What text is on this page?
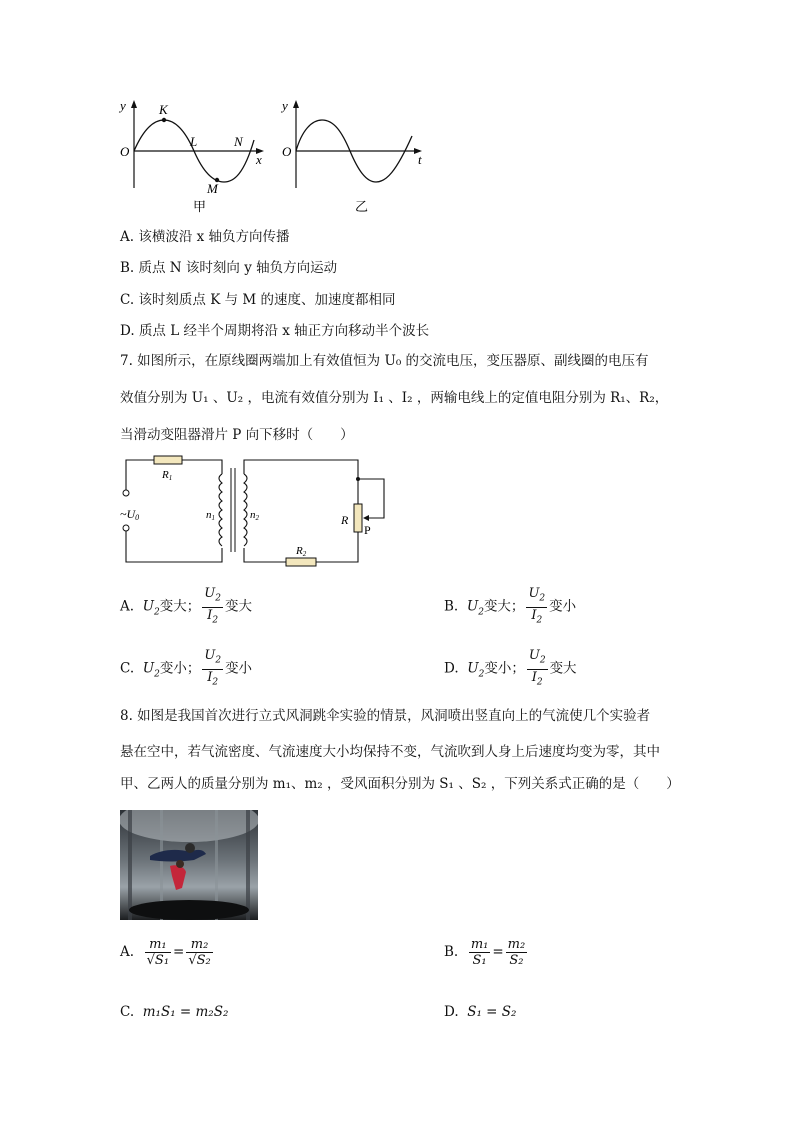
y
x
O
K
L
M
N
甲
y
t
O
乙
A. 该横波沿 x 轴负方向传播
B. 质点 N 该时刻向 y 轴负方向运动
C. 该时刻质点 K 与 M 的速度、加速度都相同
D. 质点 L 经半个周期将沿 x 轴正方向移动半个波长
7. 如图所示，在原线圈两端加上有效值恒为 U₀ 的交流电压，变压器原、副线圈的电压有
效值分别为 U₁ 、U₂ ，电流有效值分别为 I₁ 、I₂ ，两输电线上的定值电阻分别为 R₁、R₂，
当滑动变阻器滑片 P 向下移时（　　）
R1
R2
R
P
n1	n2
~U0
A. $U_2$变大； $\frac{U_2}{I_2}$ 变大	B. $U_2$变大； $\frac{U_2}{I_2}$ 变小
C. $U_2$变小； $\frac{U_2}{I_2}$ 变小	D. $U_2$变小； $\frac{U_2}{I_2}$ 变大
8. 如图是我国首次进行立式风洞跳伞实验的情景，风洞喷出竖直向上的气流使几个实验者
悬在空中，若气流密度、气流速度大小均保持不变，气流吹到人身上后速度均变为零，其中
甲、乙两人的质量分别为 m₁、m₂ ，受风面积分别为 S₁ 、S₂ ，下列关系式正确的是（　　）
A. $\frac{\text{m₁}}{\text{√S₁}} = \frac{\text{m₂}}{\text{√S₂}}$	B. $\frac{\text{m₁}}{\text{S₁}} = \frac{\text{m₂}}{\text{S₂}}$
C. m₁S₁ = m₂S₂	D. S₁ = S₂
